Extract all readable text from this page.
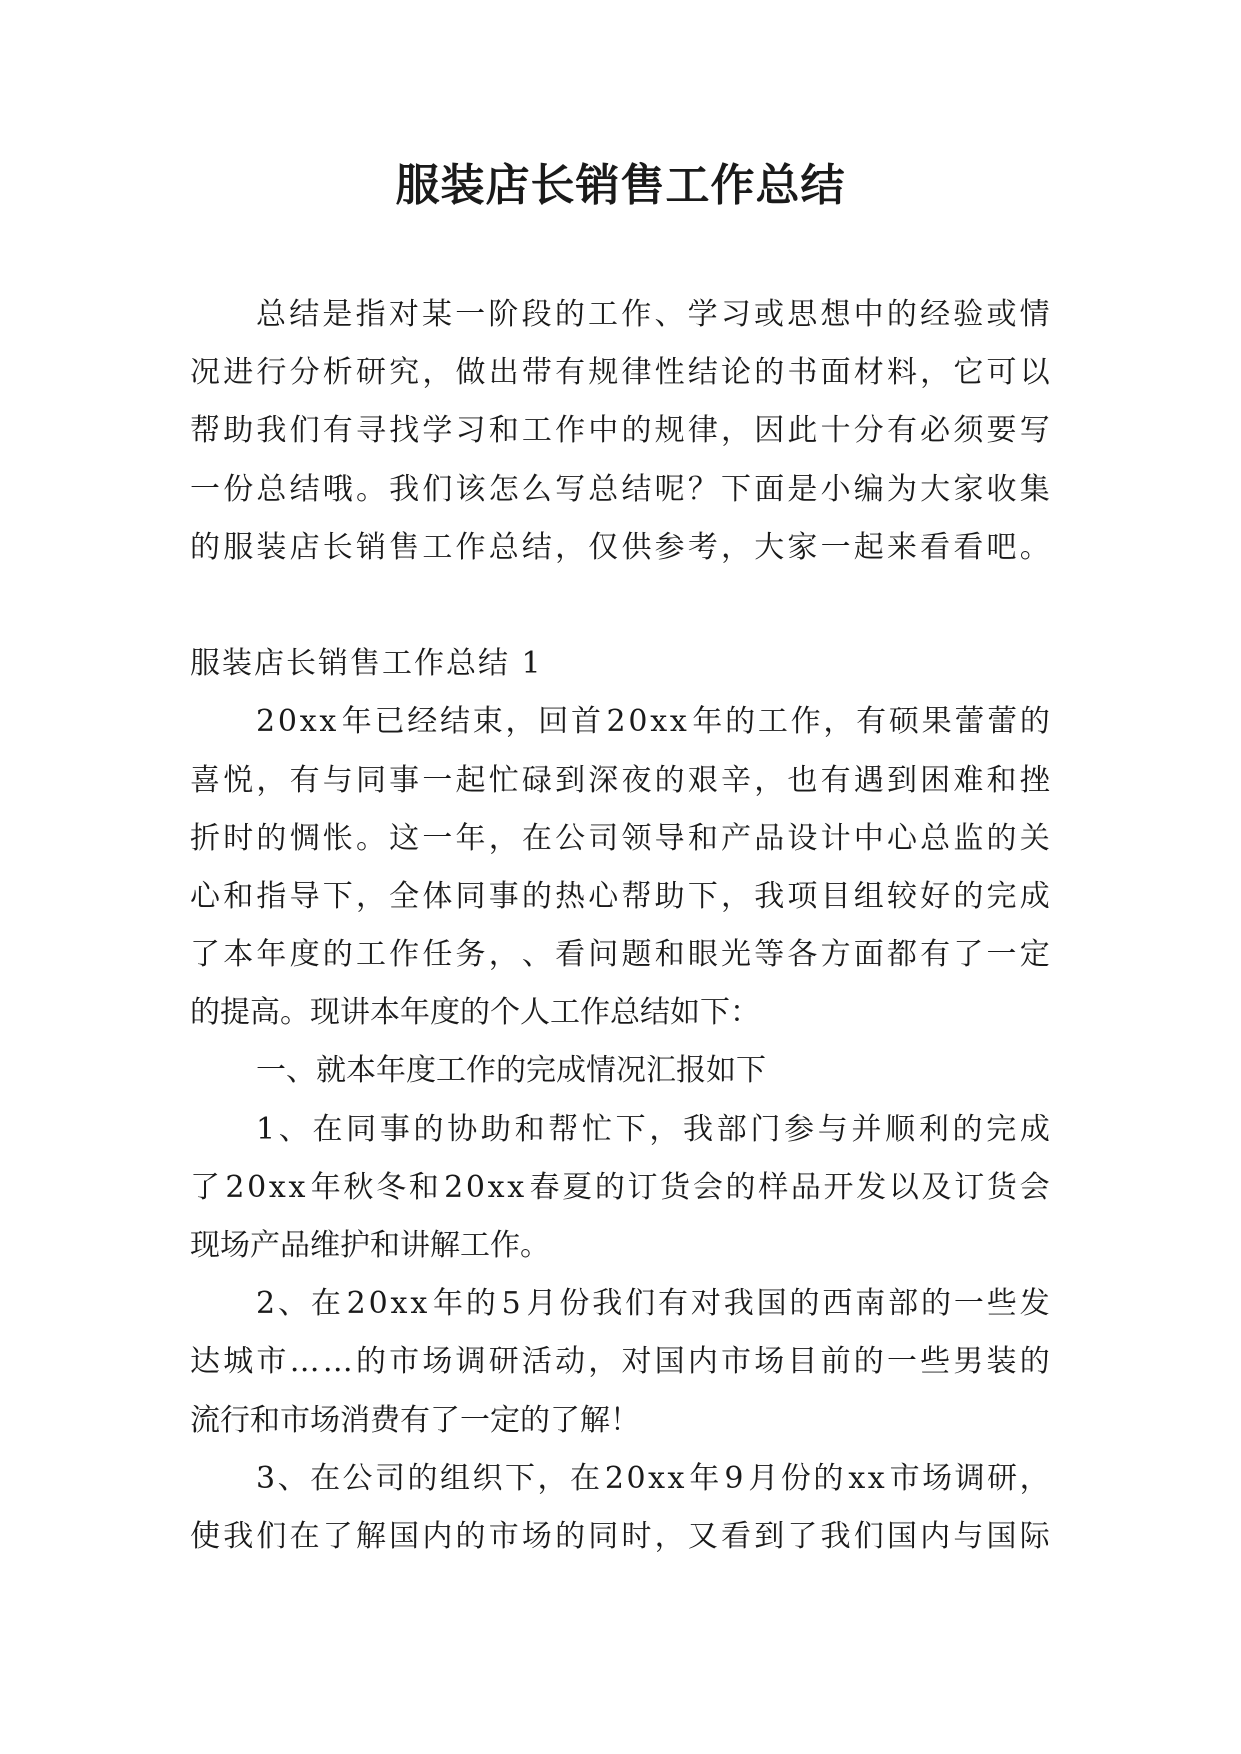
服装店长销售工作总结
总 结 是 指 对 某 一 阶 段 的 工 作 、 学 习 或 思 想 中 的 经 验 或 情
况 进 行 分 析 研 究 ， 做 出 带 有 规 律 性 结 论 的 书 面 材 料 ， 它 可 以
帮 助 我 们 有 寻 找 学 习 和 工 作 中 的 规 律 ， 因 此 十 分 有 必 须 要 写
一 份 总 结 哦 。 我 们 该 怎 么 写 总 结 呢 ？ 下 面 是 小 编 为 大 家 收 集
的 服 装 店 长 销 售 工 作 总 结 ， 仅 供 参 考 ， 大 家 一 起 来 看 看 吧 。
服装店长销售工作总结 1
2 0 x x 年 已 经 结 束 ， 回 首 2 0 x x 年 的 工 作 ， 有 硕 果 蕾 蕾 的
喜 悦 ， 有 与 同 事 一 起 忙 碌 到 深 夜 的 艰 辛 ， 也 有 遇 到 困 难 和 挫
折 时 的 惆 怅 。 这 一 年 ， 在 公 司 领 导 和 产 品 设 计 中 心 总 监 的 关
心 和 指 导 下 ， 全 体 同 事 的 热 心 帮 助 下 ， 我 项 目 组 较 好 的 完 成
了 本 年 度 的 工 作 任 务 ， 、 看 问 题 和 眼 光 等 各 方 面 都 有 了 一 定
的提高。现讲本年度的个人工作总结如下：
一、就本年度工作的完成情况汇报如下
1 、 在 同 事 的 协 助 和 帮 忙 下 ， 我 部 门 参 与 并 顺 利 的 完 成
了 2 0 x x 年 秋 冬 和 2 0 x x 春 夏 的 订 货 会 的 样 品 开 发 以 及 订 货 会
现场产品维护和讲解工作。
2 、 在 2 0 x x 年 的 5 月 份 我 们 有 对 我 国 的 西 南 部 的 一 些 发
达 城 市 … … 的 市 场 调 研 活 动 ， 对 国 内 市 场 目 前 的 一 些 男 装 的
流行和市场消费有了一定的了解！
3 、 在 公 司 的 组 织 下 ， 在 2 0 x x 年 9 月 份 的 x x 市 场 调 研 ，
使 我 们 在 了 解 国 内 的 市 场 的 同 时 ， 又 看 到 了 我 们 国 内 与 国 际
